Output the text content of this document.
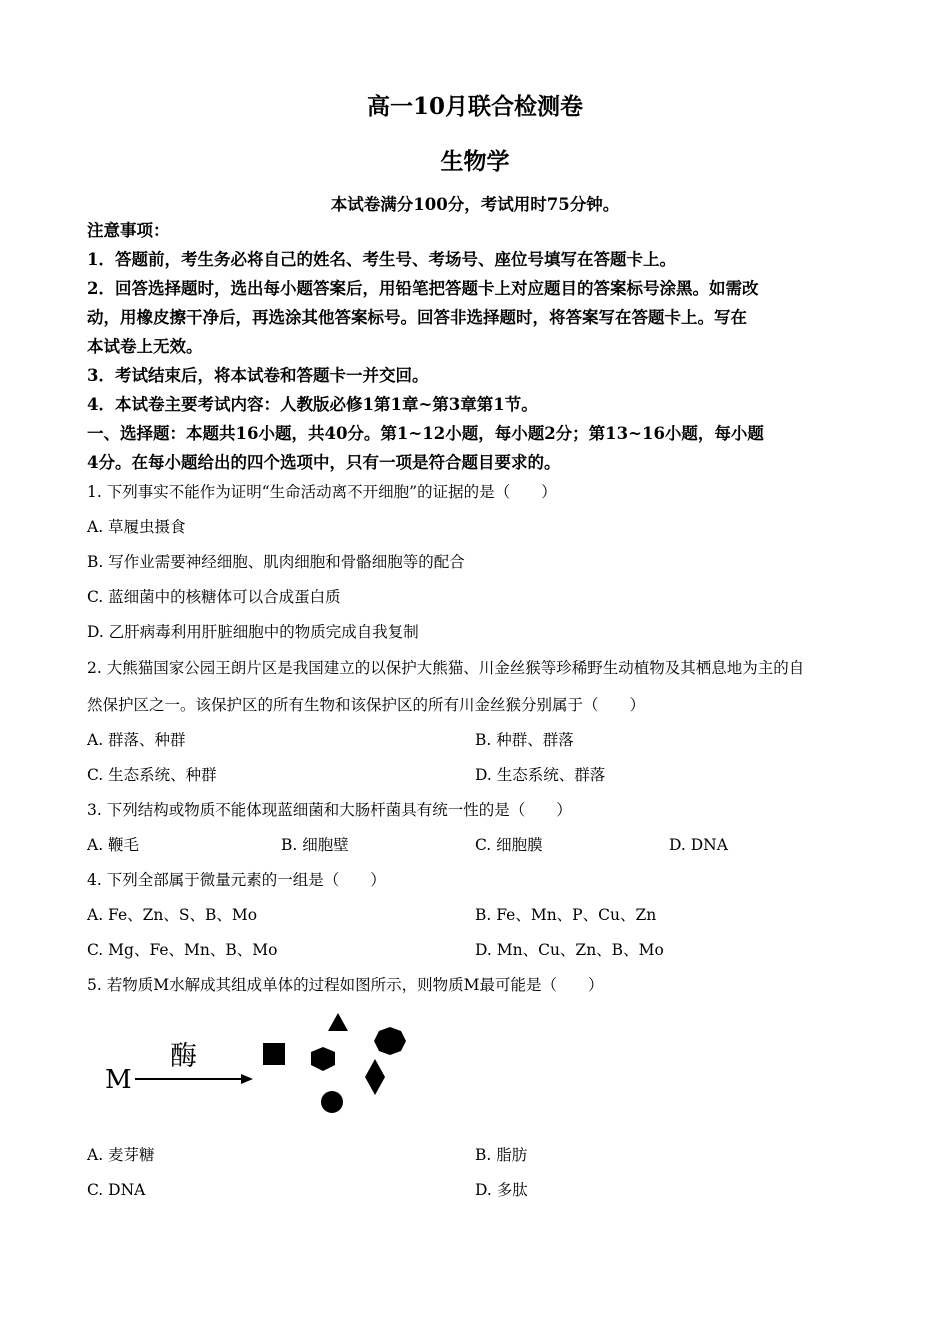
高一10月联合检测卷
生物学
本试卷满分100分，考试用时75分钟。
注意事项：
1．答题前，考生务必将自己的姓名、考生号、考场号、座位号填写在答题卡上。
2．回答选择题时，选出每小题答案后，用铅笔把答题卡上对应题目的答案标号涂黑。如需改
动，用橡皮擦干净后，再选涂其他答案标号。回答非选择题时，将答案写在答题卡上。写在
本试卷上无效。
3．考试结束后，将本试卷和答题卡一并交回。
4．本试卷主要考试内容：人教版必修1第1章~第3章第1节。
一、选择题：本题共16小题，共40分。第1~12小题，每小题2分；第13~16小题，每小题
4分。在每小题给出的四个选项中，只有一项是符合题目要求的。
1. 下列事实不能作为证明“生命活动离不开细胞”的证据的是（　　）
A. 草履虫摄食
B. 写作业需要神经细胞、肌肉细胞和骨骼细胞等的配合
C. 蓝细菌中的核糖体可以合成蛋白质
D. 乙肝病毒利用肝脏细胞中的物质完成自我复制
2. 大熊猫国家公园王朗片区是我国建立的以保护大熊猫、川金丝猴等珍稀野生动植物及其栖息地为主的自
然保护区之一。该保护区的所有生物和该保护区的所有川金丝猴分别属于（　　）
A. 群落、种群	B. 种群、群落
C. 生态系统、种群	D. 生态系统、群落
3. 下列结构或物质不能体现蓝细菌和大肠杆菌具有统一性的是（　　）
A. 鞭毛	B. 细胞壁	C. 细胞膜	D. DNA
4. 下列全部属于微量元素的一组是（　　）
A. Fe、Zn、S、B、Mo	B. Fe、Mn、P、Cu、Zn
C. Mg、Fe、Mn、B、Mo	D. Mn、Cu、Zn、B、Mo
5. 若物质M水解成其组成单体的过程如图所示，则物质M最可能是（　　）
M
酶
A. 麦芽糖	B. 脂肪
C. DNA	D. 多肽
